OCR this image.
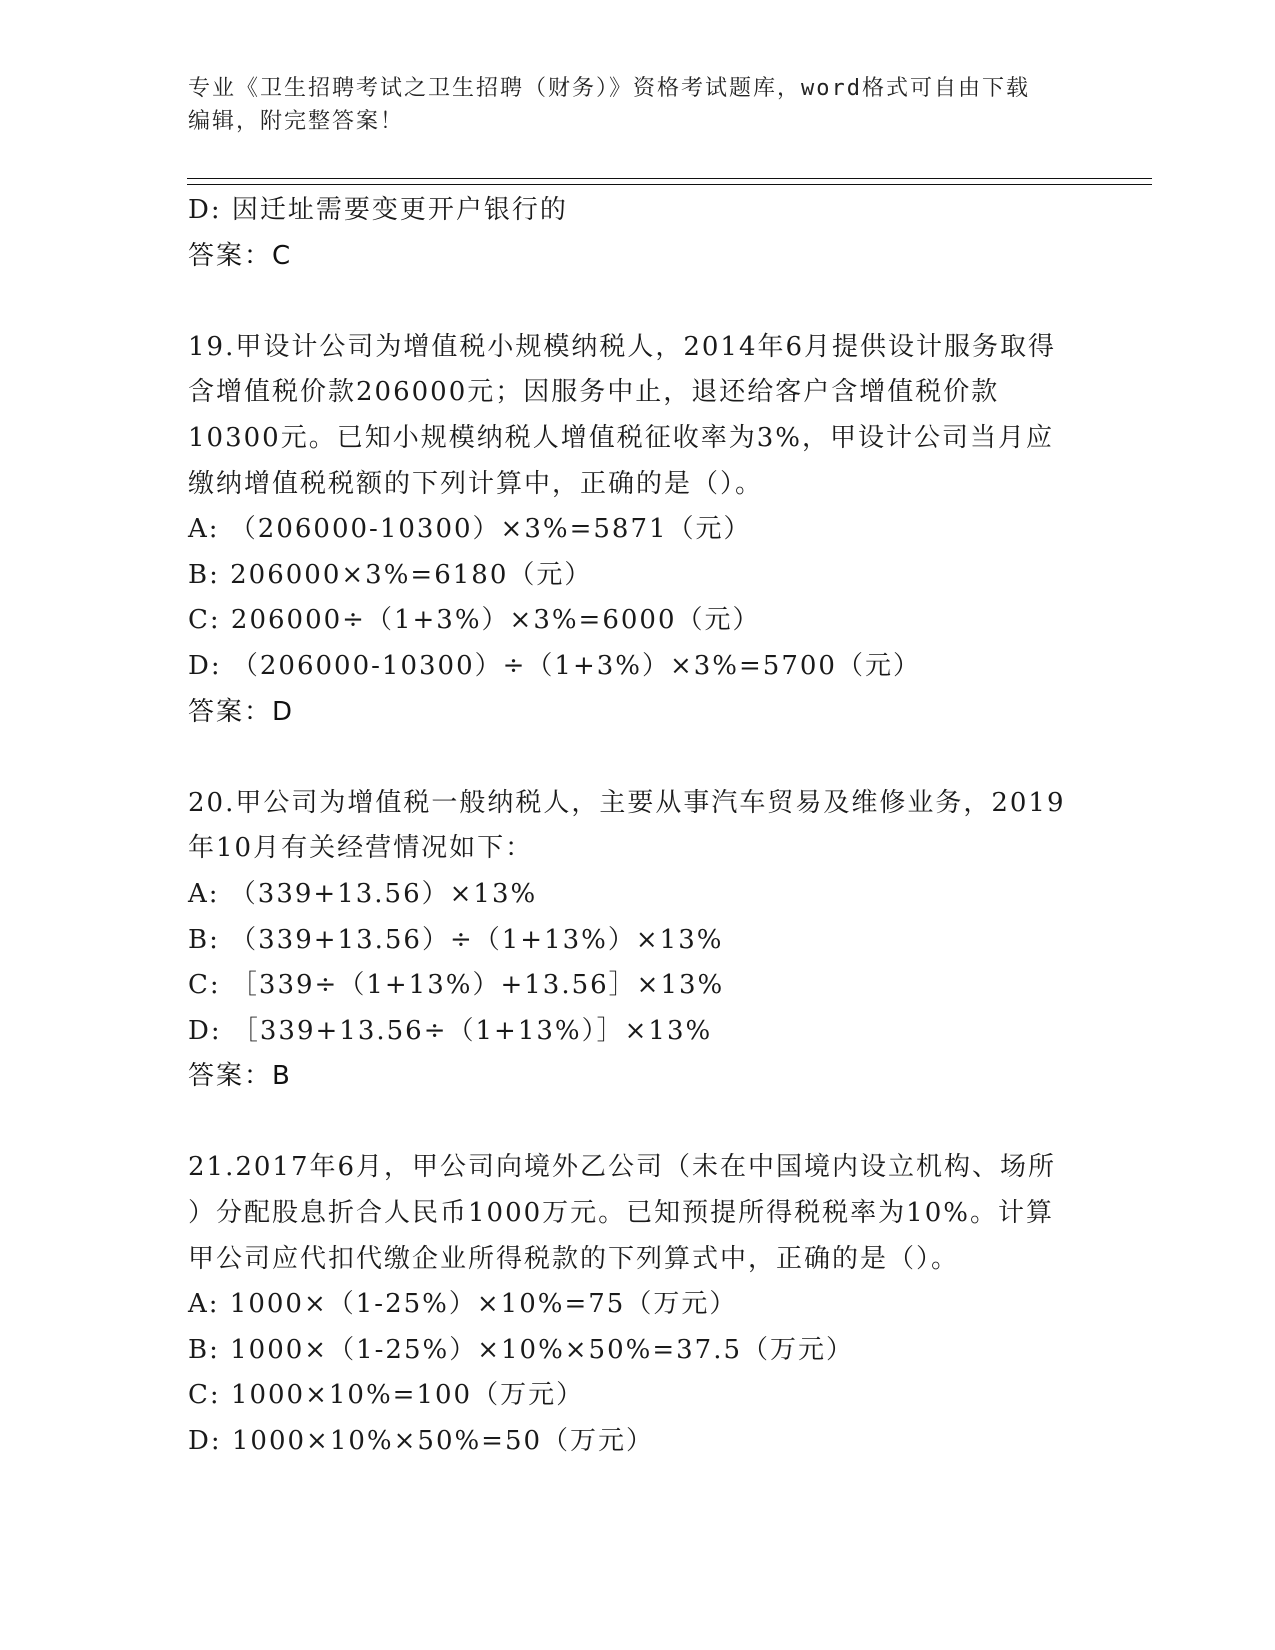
专业《卫生招聘考试之卫生招聘（财务）》资格考试题库，word格式可自由下载
编辑，附完整答案！
D: 因迁址需要变更开户银行的
答案：C
19.甲设计公司为增值税小规模纳税人，2014年6月提供设计服务取得
含增值税价款206000元；因服务中止，退还给客户含增值税价款
10300元。已知小规模纳税人增值税征收率为3%，甲设计公司当月应
缴纳增值税税额的下列计算中，正确的是（）。
A: （206000-10300）×3%=5871（元）
B: 206000×3%=6180（元）
C: 206000÷（1+3%）×3%=6000（元）
D: （206000-10300）÷（1+3%）×3%=5700（元）
答案：D
20.甲公司为增值税一般纳税人，主要从事汽车贸易及维修业务，2019
年10月有关经营情况如下：
A: （339+13.56）×13%
B: （339+13.56）÷（1+13%）×13%
C: ［339÷（1+13%）+13.56］×13%
D: ［339+13.56÷（1+13%）］×13%
答案：B
21.2017年6月，甲公司向境外乙公司（未在中国境内设立机构、场所
）分配股息折合人民币1000万元。已知预提所得税税率为10%。计算
甲公司应代扣代缴企业所得税款的下列算式中，正确的是（）。
A: 1000×（1-25%）×10%=75（万元）
B: 1000×（1-25%）×10%×50%=37.5（万元）
C: 1000×10%=100（万元）
D: 1000×10%×50%=50（万元）
